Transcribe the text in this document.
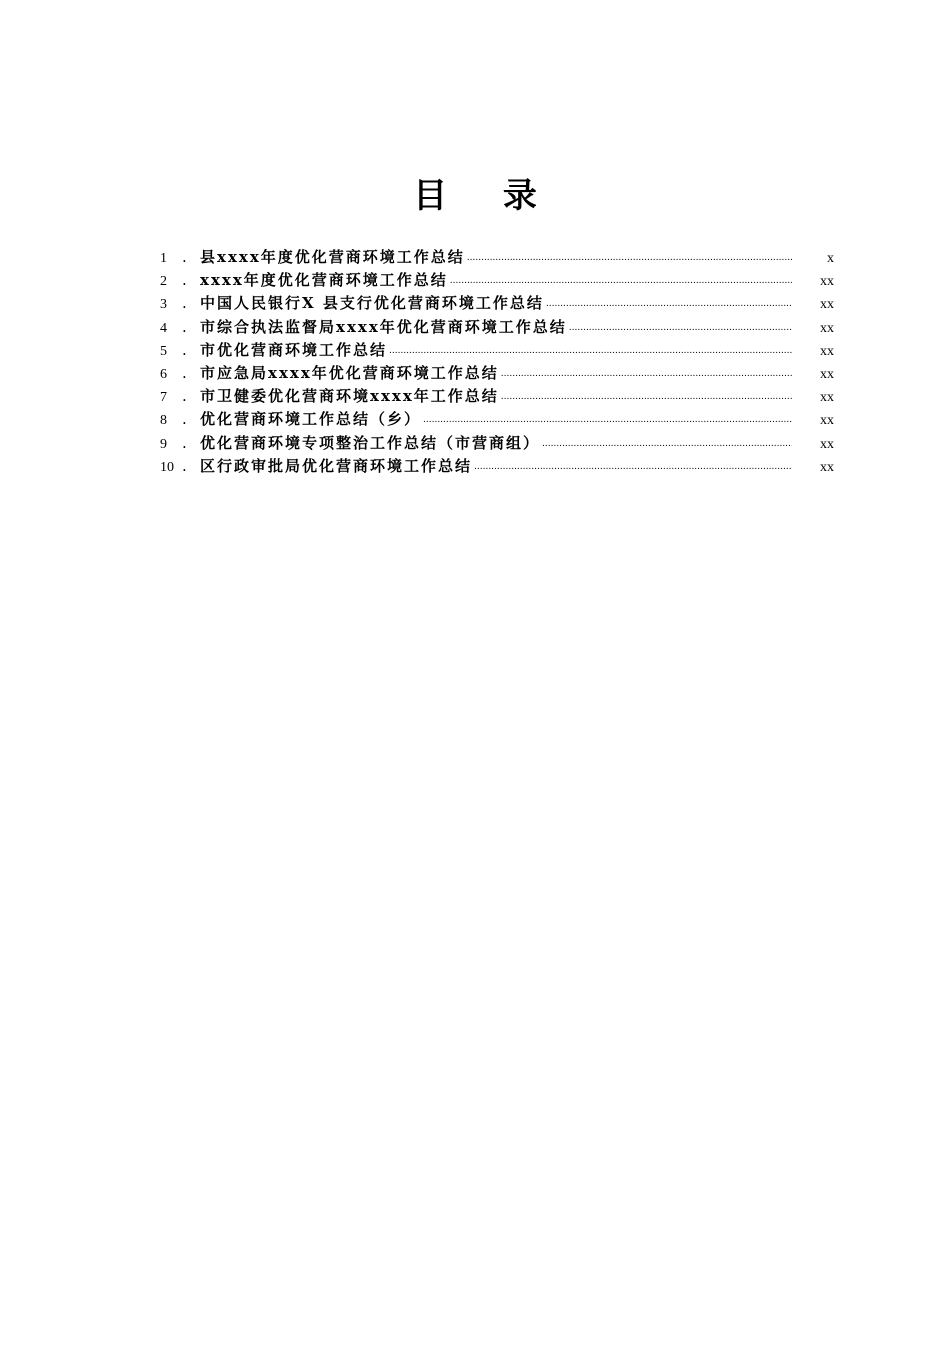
目 录
1	. 县xxxx年度优化营商环境工作总结 .....	x
2	. xxxx年度优化营商环境工作总结 .....	xx
3	. 中国人民银行X 县支行优化营商环境工作总结 .....	xx
4	. 市综合执法监督局xxxx年优化营商环境工作总结 .....	xx
5	. 市优化营商环境工作总结 .....	xx
6	. 市应急局xxxx年优化营商环境工作总结 .....	xx
7	. 市卫健委优化营商环境xxxx年工作总结 .....	xx
8	. 优化营商环境工作总结（乡） .....	xx
9	. 优化营商环境专项整治工作总结（市营商组） .....	xx
10 . 区行政审批局优化营商环境工作总结 .....	xx
